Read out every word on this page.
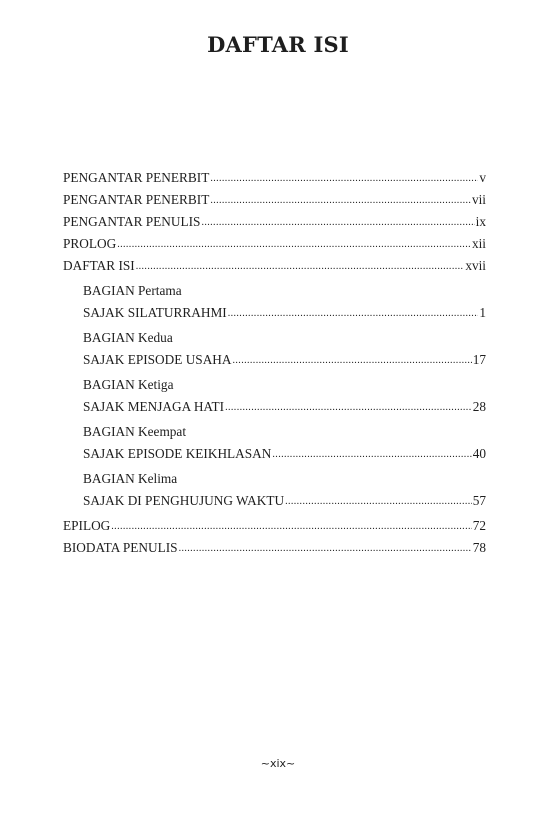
DAFTAR ISI
PENGANTAR PENERBIT .....	v
PENGANTAR PENERBIT .....	vii
PENGANTAR PENULIS .....	ix
PROLOG .....	xii
DAFTAR ISI .....	xvii
BAGIAN Pertama
SAJAK SILATURRAHMI .....	1
BAGIAN Kedua
SAJAK EPISODE USAHA .....	17
BAGIAN Ketiga
SAJAK MENJAGA HATI .....	28
BAGIAN Keempat
SAJAK EPISODE KEIKHLASAN .....	40
BAGIAN Kelima
SAJAK DI PENGHUJUNG WAKTU .....	57
EPILOG .....	72
BIODATA PENULIS .....	78
~xix~
